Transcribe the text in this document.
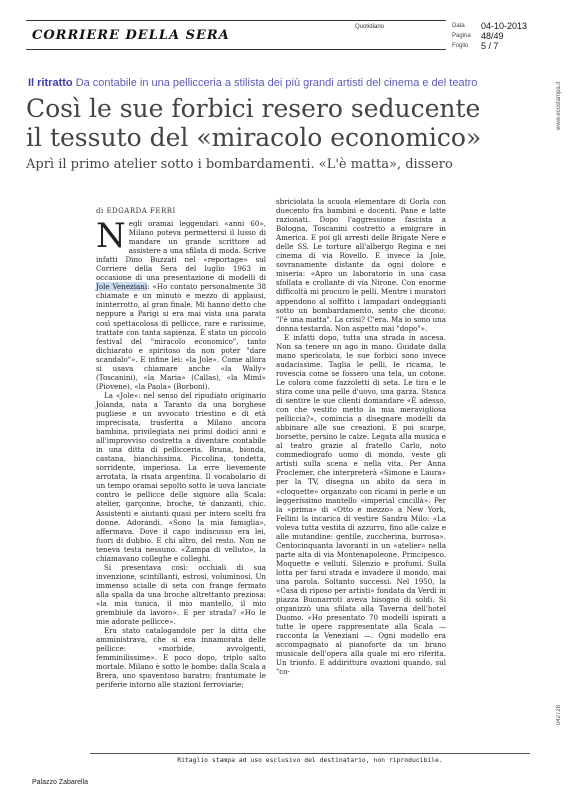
CORRIERE DELLA SERA
Quotidiano	Data 04-10-2013
Pagina 48/49
Foglio 5 / 7
www.ecostampa.it
042728
Il ritratto Da contabile in una pellicceria a stilista dei più grandi artisti del cinema e del teatro
Così le sue forbici resero seducente
il tessuto del «miracolo economico»
Aprì il primo atelier sotto i bombardamenti. «L'è matta», dissero
di EDGARDA FERRI

Negli oramai leggendari «anni 60», Milano poteva permettersi il lusso di mandare un grande scrittore ad assistere a una sfilata di moda. Scrive infatti Dino Buzzati nel «reportage» sul Corriere della Sera del luglio 1963 in occasione di una presentazione di modelli di Jole Veneziani: «Ho contato personalmente 38 chiamate e un minuto e mezzo di applausi, ininterrotto, al gran finale. Mi hanno detto che neppure a Parigi si era mai vista una parata così spettacolosa di pellicce, rare e rarissime, trattate con tanta sapienza. È stato un piccolo festival del "miracolo economico", tanto dichiarato e spiritoso da non poter "dare scandalo"». E infine lei: «la Jole». Come allora si usava chiamare anche «la Wally» (Toscanini), «la Maria» (Callas), «la Mimì» (Piovene), «la Paola» (Borboni).

La «Jole»: nel senso del ripudiato originario Jolanda, nata a Taranto da una borghese pugliese e un avvocato triestino e di età imprecisata, trasferita a Milano ancora bambina, privilegiata nei primi dodici anni e all'improvviso costretta a diventare contabile in una ditta di pellicceria. Bruna, bionda, castana, bianchissima. Piccolina, tondetta, sorridente, imperiosa. La erre lievemente arrotata, la risata argentina. Il vocabolario di un tempo oramai sepolto sotto le uova lanciate contro le pellicce delle signore alla Scala: atelier, garçonne, broche, tè danzanti, chic. Assistenti e aiutanti quasi per intero scelti fra donne. Adorandi. «Sono la mia famiglia», affermava. Dove il capo indiscusso era lei, fuori di dubbio. E chi altro, del resto. Non ne teneva testa nessuno. «Zampa di velluto», la chiamavano colleghe e colleghi.

Si presentava così: occhiali di sua invenzione, scintillanti, estrosi, voluminosi. Un immenso scialle di seta con frange fermato alla spalla da una broche altrettanto preziosa: «la mia tunica, il mio mantello, il mio grembiule da lavoro». E per strada? «Ho le mie adorate pellicce».

Era stato catalogandole per la ditta che amministrava, che si era innamorata delle pellicce: «morbide, avvolgenti, femminilissime». E poco dopo, triplo salto mortale. Milano è sotto le bombe: dalla Scala a Brera, uno spaventoso baratro; frantumate le periferie intorno alle stazioni ferroviarie;

sbriciolata la scuola elementare di Gorla con duecento fra bambini e docenti. Pane e latte razionati. Dopo l'aggressione fascista a Bologna, Toscanini costretto a emigrare in America. E poi gli arresti delle Brigate Nere e delle SS. Le torture all'albergo Regina e nei cinema di via Rovello. E invece la Jole, sovranamente distante da ogni dolore e miseria: «Apro un laboratorio in una casa sfollata e crollante di via Nirone. Con enorme difficoltà mi procuro le pelli. Mentre i muratori appendono al soffitto i lampadari ondeggianti sotto un bombardamento, sento che dicono: "l'è una matta". La crisi? C'era. Ma io sono una donna testarda. Non aspetto mai "dopo"».

E infatti dopo, tutta una strada in ascesa. Non sa tenere un ago in mano. Guidate dalla mano spericolata, le sue forbici sono invece audacissime. Taglia le pelli, le ricama, le rovescia come se fossero una tela, un cotone. Le colora come fazzoletti di seta. Le tira e le stira come una pelle d'uovo, una garza. Stanca di sentire le sue clienti domandare «È adesso, con che vestito metto la mia meravigliosa pelliccia?», comincia a disegnare modelli da abbinare alle sue creazioni. E poi scarpe, borsette, persino le calze. Legata alla musica e al teatro grazie al fratello Carlo, noto commediografo uomo di mondo, veste gli artisti sulla scena e nella vita. Per Anna Proclemer, che interpreterà «Simone e Laura» per la TV, disegna un abito da sera in «cloquette» organzato con ricami in perle e un leggerissimo mantello «imperial cincillà». Per la «prima» di «Otto e mezzo» a New York, Fellini la incarica di vestire Sandra Milo: «La voleva tutta vestita di azzurro, fino alle calze e alle mutandine: gentile, zuccherina, burrosa». Centocinquanta lavoranti in un «atelier» nella parte alta di via Montenapoleone. Principesco. Moquette e velluti. Silenzio e profumi. Sulla lotta per farsi strada e invadere il mondo, mai una parola. Soltanto successi. Nel 1950, la «Casa di riposo per artisti» fondata da Verdi in piazza Buonarroti aveva bisogno di soldi. Si organizzò una sfilata alla Taverna dell'hotel Duomo. «Ho presentato 70 modelli ispirati a tutte le opere rappresentate alla Scala — racconta la Veneziani —. Ogni modello era accompagnato al pianoforte da un brano musicale dell'opera alla quale mi ero riferita. Un trionfo. E addirittura ovazioni quando, sul "co-

Ritaglio stampa ad uso esclusivo del destinatario, non riproducibile.
Palazzo Zabarella
